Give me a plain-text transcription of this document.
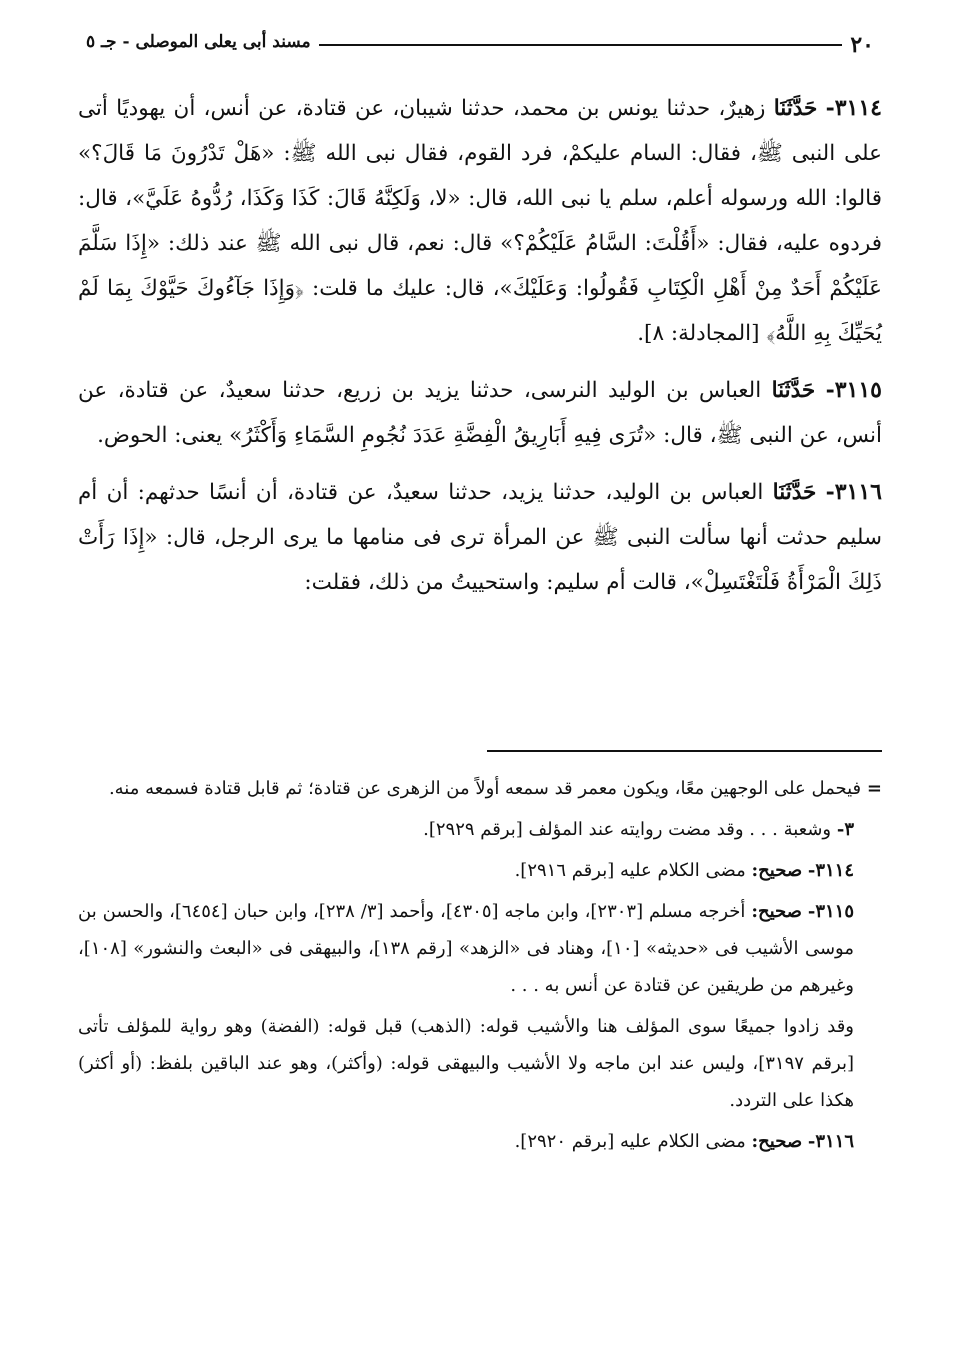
٢٠
مسند أبى يعلى الموصلى - جـ ٥

٣١١٤- حَدَّثَنَا زهيرٌ، حدثنا يونس بن محمد، حدثنا شيبان، عن قتادة، عن أنس، أن يهوديًا أتى على النبى ﷺ، فقال: السام عليكمْ، فرد القوم، فقال نبى الله ﷺ: «هَلْ تَدْرُونَ مَا قَالَ؟» قالوا: الله ورسوله أعلم، سلم يا نبى الله، قال: «لا، وَلَكِنَّهُ قَالَ: كَذَا وَكَذَا، رُدُّوهُ عَلَيَّ»، قال: فردوه عليه، فقال: «أَقُلْتَ: السَّامُ عَلَيْكُمْ؟» قال: نعم، قال نبى الله ﷺ عند ذلك: «إِذَا سَلَّمَ عَلَيْكُمْ أَحَدٌ مِنْ أَهْلِ الْكِتَابِ فَقُولُوا: وَعَلَيْكَ»، قال: عليك ما قلت: ﴿وَإِذَا جَآءُوكَ حَيَّوْكَ بِمَا لَمْ يُحَيِّكَ بِهِ اللَّهُ﴾ [المجادلة: ٨].

٣١١٥- حَدَّثَنَا العباس بن الوليد النرسى، حدثنا يزيد بن زريع، حدثنا سعيدٌ، عن قتادة، عن أنس، عن النبى ﷺ، قال: «تُرَى فِيهِ أَبَارِيقُ الْفِضَّةِ عَدَدَ نُجُومِ السَّمَاءِ وَأَكْثَرُ» يعنى: الحوض.

٣١١٦- حَدَّثَنَا العباس بن الوليد، حدثنا يزيد، حدثنا سعيدٌ، عن قتادة، أن أنسًا حدثهم: أن أم سليم حدثت أنها سألت النبى ﷺ عن المرأة ترى فى منامها ما يرى الرجل، قال: «إِذَا رَأَتْ ذَلِكَ الْمَرْأَةُ فَلْتَغْتَسِلْ»، قالت أم سليم: واستحييتُ من ذلك، فقلت:

= فيحمل على الوجهين معًا، ويكون معمر قد سمعه أولاً من الزهرى عن قتادة؛ ثم قابل قتادة فسمعه منه.

٣- وشعبة . . . وقد مضت روايته عند المؤلف [برقم ٢٩٢٩].

٣١١٤- صحيح: مضى الكلام عليه [برقم ٢٩١٦].

٣١١٥- صحيح: أخرجه مسلم [٢٣٠٣]، وابن ماجه [٤٣٠٥]، وأحمد [٣/ ٢٣٨]، وابن حبان [٦٤٥٤]، والحسن بن موسى الأشيب فى «حديثه» [١٠]، وهناد فى «الزهد» [رقم ١٣٨]، والبيهقى فى «البعث والنشور» [١٠٨]، وغيرهم من طريقين عن قتادة عن أنس به . . .

وقد زادوا جميعًا سوى المؤلف هنا والأشيب قوله: (الذهب) قبل قوله: (الفضة) وهو رواية للمؤلف تأتى [برقم ٣١٩٧]، وليس عند ابن ماجه ولا الأشيب والبيهقى قوله: (وأكثر)، وهو عند الباقين بلفظ: (أو أكثر) هكذا على التردد.

٣١١٦- صحيح: مضى الكلام عليه [برقم ٢٩٢٠].
